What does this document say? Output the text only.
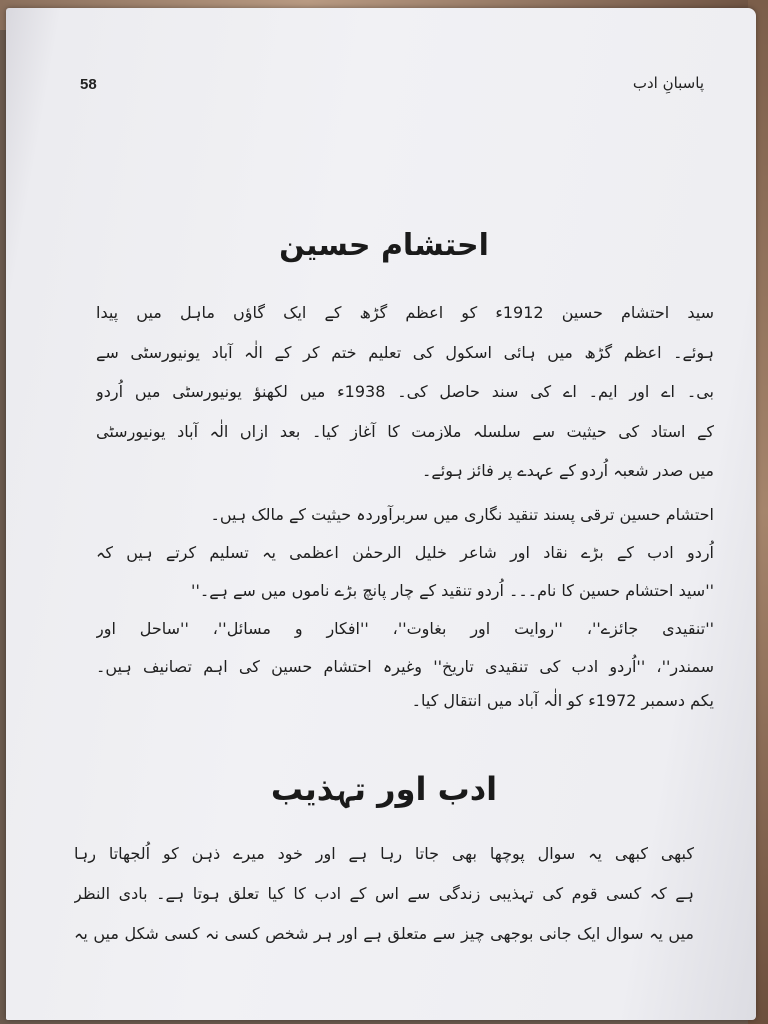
58	پاسبانِ ادب
احتشام حسین
سید احتشام حسین 1912ء کو اعظم گڑھ کے ایک گاؤں ماہل میں پیدا
ہوئے۔ اعظم گڑھ میں ہائی اسکول کی تعلیم ختم کر کے الٰہ آباد یونیورسٹی سے
بی۔ اے اور ایم۔ اے کی سند حاصل کی۔ 1938ء میں لکھنؤ یونیورسٹی میں اُردو
کے استاد کی حیثیت سے سلسلہ ملازمت کا آغاز کیا۔ بعد ازاں الٰہ آباد یونیورسٹی
میں صدر شعبہ اُردو کے عہدے پر فائز ہوئے۔
احتشام حسین ترقی پسند تنقید نگاری میں سربرآوردہ حیثیت کے مالک ہیں۔
اُردو ادب کے بڑے نقاد اور شاعر خلیل الرحمٰن اعظمی یہ تسلیم کرتے ہیں کہ
''سید احتشام حسین کا نام۔۔۔ اُردو تنقید کے چار پانچ بڑے ناموں میں سے ہے۔''
''تنقیدی جائزے''، ''روایت اور بغاوت''، ''افکار و مسائل''، ''ساحل اور
سمندر''، ''اُردو ادب کی تنقیدی تاریخ'' وغیرہ احتشام حسین کی اہم تصانیف ہیں۔
یکم دسمبر 1972ء کو الٰہ آباد میں انتقال کیا۔
ادب اور تہذیب
کبھی کبھی یہ سوال پوچھا بھی جاتا رہا ہے اور خود میرے ذہن کو اُلجھاتا رہا
ہے کہ کسی قوم کی تہذیبی زندگی سے اس کے ادب کا کیا تعلق ہوتا ہے۔ بادی النظر
میں یہ سوال ایک جانی بوجھی چیز سے متعلق ہے اور ہر شخص کسی نہ کسی شکل میں یہ
